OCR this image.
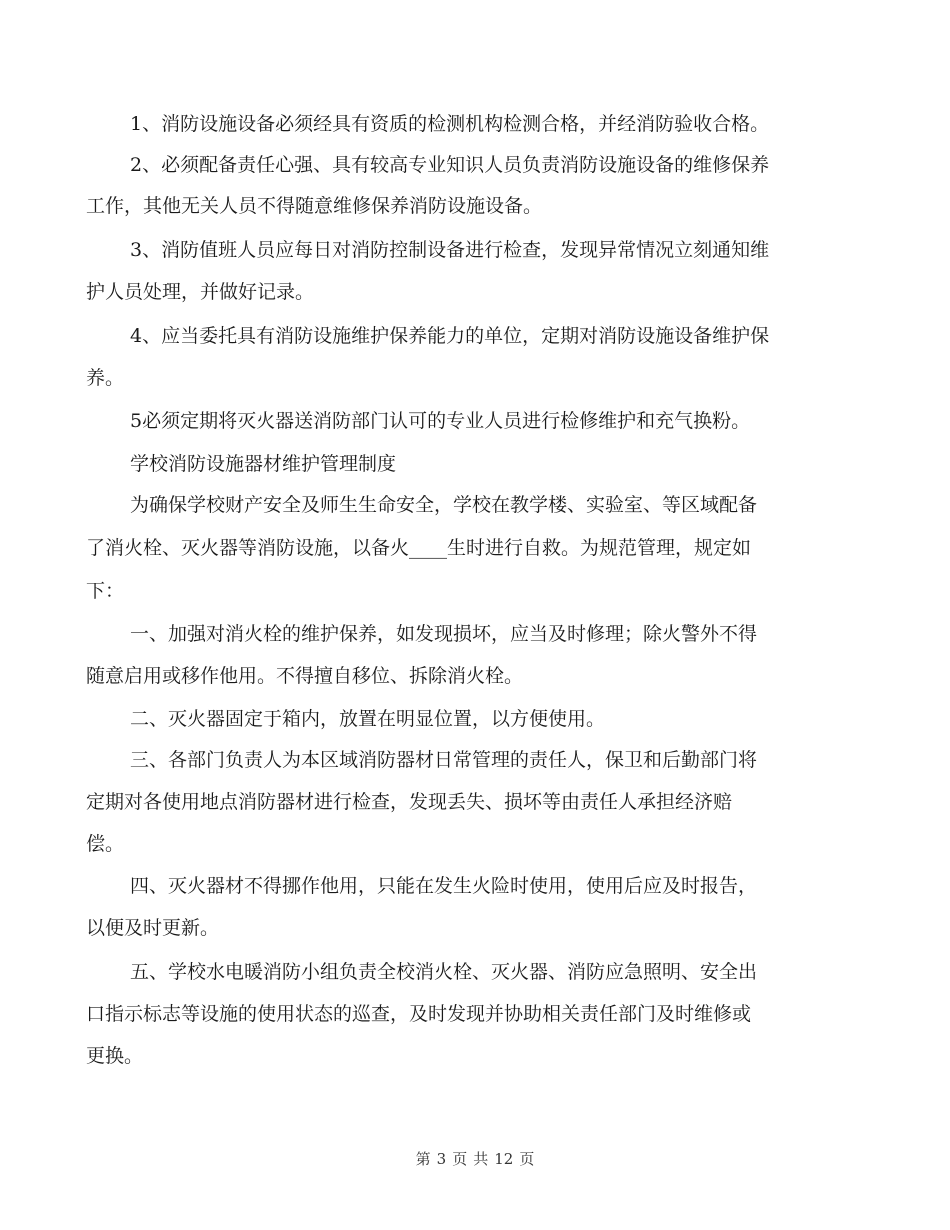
1、消防设施设备必须经具有资质的检测机构检测合格，并经消防验收合格。
2、必须配备责任心强、具有较高专业知识人员负责消防设施设备的维修保养
工作，其他无关人员不得随意维修保养消防设施设备。
3、消防值班人员应每日对消防控制设备进行检查，发现异常情况立刻通知维
护人员处理，并做好记录。
4、应当委托具有消防设施维护保养能力的单位，定期对消防设施设备维护保
养。
5必须定期将灭火器送消防部门认可的专业人员进行检修维护和充气换粉。
学校消防设施器材维护管理制度
为确保学校财产安全及师生生命安全，学校在教学楼、实验室、等区域配备
了消火栓、灭火器等消防设施，以备火____生时进行自救。为规范管理，规定如
下：
一、加强对消火栓的维护保养，如发现损坏，应当及时修理；除火警外不得
随意启用或移作他用。不得擅自移位、拆除消火栓。
二、灭火器固定于箱内，放置在明显位置，以方便使用。
三、各部门负责人为本区域消防器材日常管理的责任人，保卫和后勤部门将
定期对各使用地点消防器材进行检查，发现丢失、损坏等由责任人承担经济赔
偿。
四、灭火器材不得挪作他用，只能在发生火险时使用，使用后应及时报告，
以便及时更新。
五、学校水电暖消防小组负责全校消火栓、灭火器、消防应急照明、安全出
口指示标志等设施的使用状态的巡查，及时发现并协助相关责任部门及时维修或
更换。
第 3 页 共 12 页
